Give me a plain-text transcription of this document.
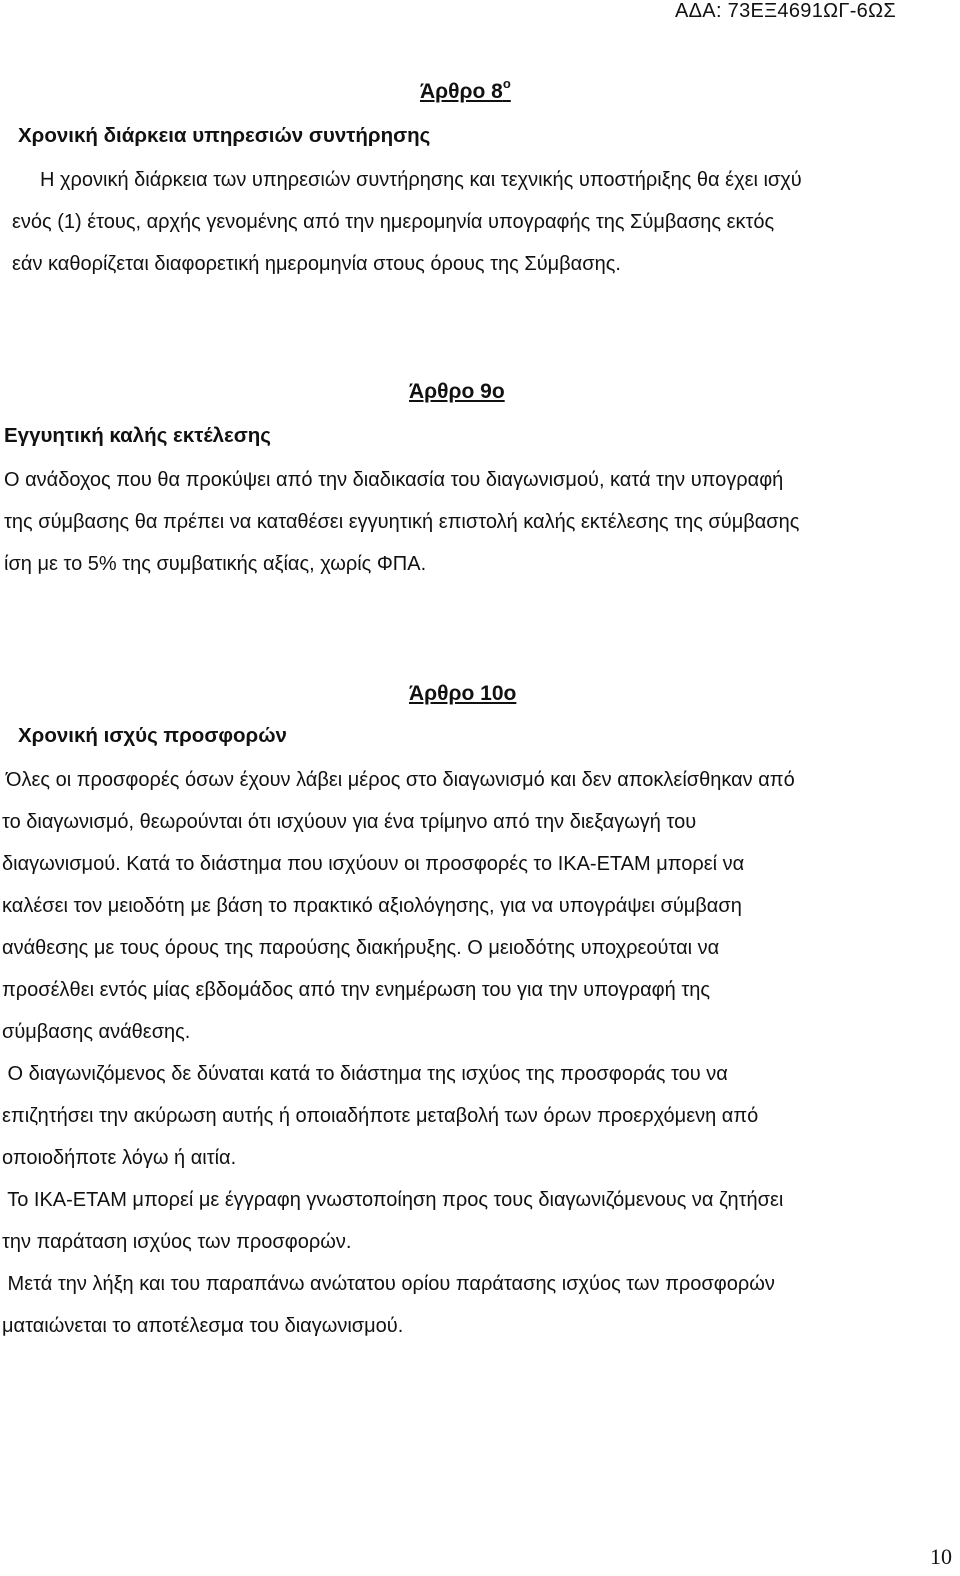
ΑΔΑ: 73ΕΞ4691ΩΓ-6ΩΣ
Άρθρο $8^o$
Χρονική διάρκεια υπηρεσιών συντήρησης
Η χρονική διάρκεια των υπηρεσιών συντήρησης και τεχνικής υποστήριξης θα έχει ισχύ
ενός (1) έτους, αρχής γενομένης από την ημερομηνία υπογραφής της Σύμβασης εκτός
εάν καθορίζεται διαφορετική ημερομηνία στους όρους της Σύμβασης.
Άρθρο 9ο
Εγγυητική καλής εκτέλεσης
Ο ανάδοχος που θα προκύψει από την διαδικασία του διαγωνισμού, κατά την υπογραφή
της σύμβασης θα πρέπει να καταθέσει εγγυητική επιστολή καλής εκτέλεσης της σύμβασης
ίση με το 5% της συμβατικής αξίας, χωρίς ΦΠΑ.
Άρθρο 10ο
Χρονική ισχύς προσφορών
Όλες οι προσφορές όσων έχουν λάβει μέρος στο διαγωνισμό και δεν αποκλείσθηκαν από
το διαγωνισμό, θεωρούνται ότι ισχύουν για ένα τρίμηνο από την διεξαγωγή του
διαγωνισμού. Κατά το διάστημα που ισχύουν οι προσφορές το ΙΚΑ-ΕΤΑΜ μπορεί να
καλέσει τον μειοδότη με βάση το πρακτικό αξιολόγησης, για να υπογράψει σύμβαση
ανάθεσης με τους όρους της παρούσης διακήρυξης. Ο μειοδότης υποχρεούται να
προσέλθει εντός μίας εβδομάδος από την ενημέρωση του για την υπογραφή της
σύμβασης ανάθεσης.
Ο διαγωνιζόμενος δε δύναται κατά το διάστημα της ισχύος της προσφοράς του να
επιζητήσει την ακύρωση αυτής ή οποιαδήποτε μεταβολή των όρων προερχόμενη από
οποιοδήποτε λόγω ή αιτία.
Το ΙΚΑ-ΕΤΑΜ μπορεί με έγγραφη γνωστοποίηση προς τους διαγωνιζόμενους να ζητήσει
την παράταση ισχύος των προσφορών.
Μετά την λήξη και του παραπάνω ανώτατου ορίου παράτασης ισχύος των προσφορών
ματαιώνεται το αποτέλεσμα του διαγωνισμού.
10
